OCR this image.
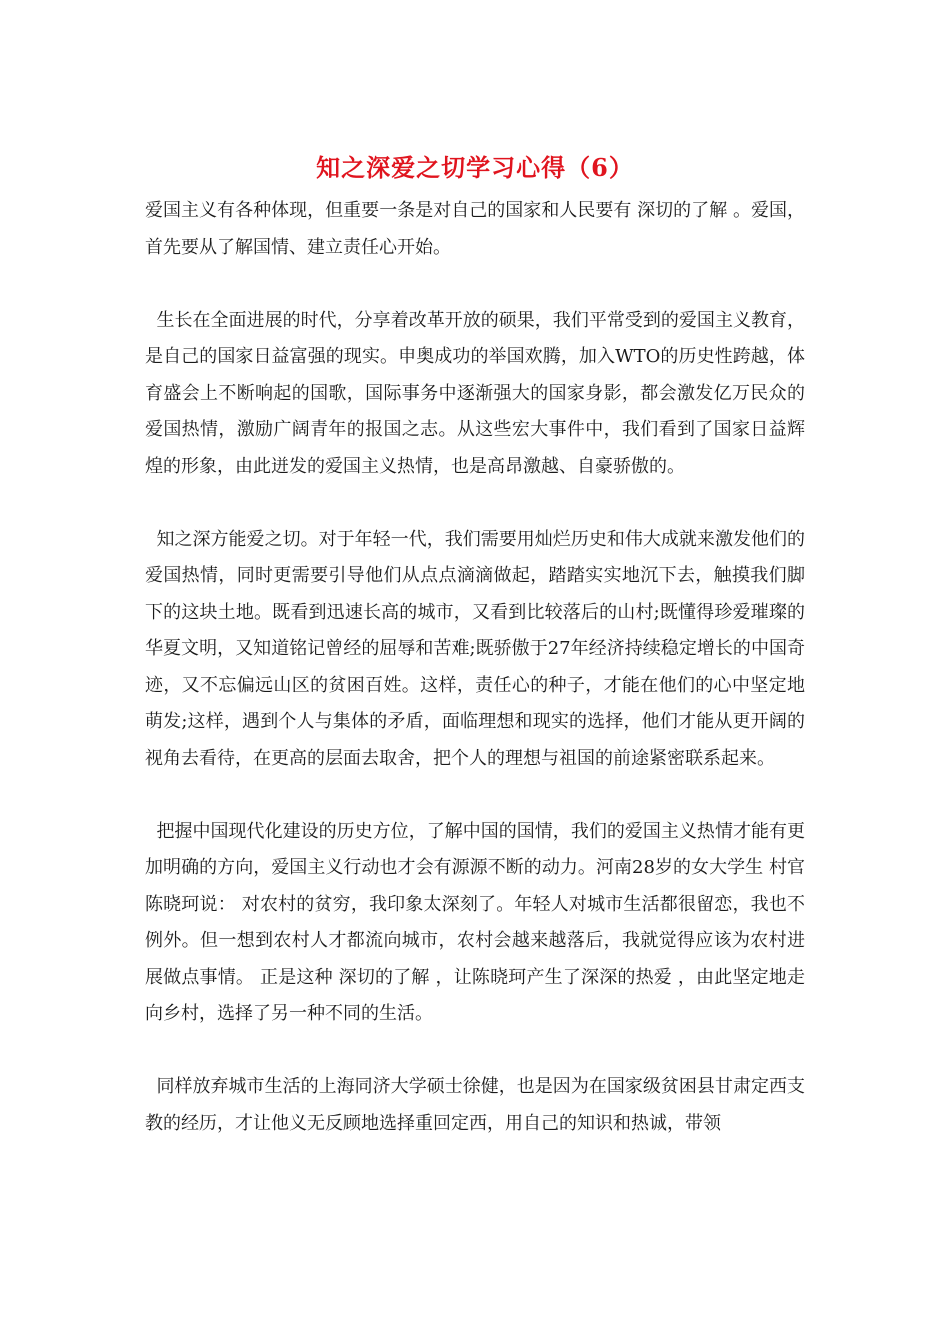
知之深爱之切学习心得（6）

爱国主义有各种体现，但重要一条是对自己的国家和人民要有 深切的了解 。爱国，首先要从了解国情、建立责任心开始。

生长在全面进展的时代，分享着改革开放的硕果，我们平常受到的爱国主义教育，是自己的国家日益富强的现实。申奥成功的举国欢腾，加入WTO的历史性跨越，体育盛会上不断响起的国歌，国际事务中逐渐强大的国家身影，都会激发亿万民众的爱国热情，激励广阔青年的报国之志。从这些宏大事件中，我们看到了国家日益辉煌的形象，由此迸发的爱国主义热情，也是高昂激越、自豪骄傲的。

知之深方能爱之切。对于年轻一代，我们需要用灿烂历史和伟大成就来激发他们的爱国热情，同时更需要引导他们从点点滴滴做起，踏踏实实地沉下去，触摸我们脚下的这块土地。既看到迅速长高的城市，又看到比较落后的山村;既懂得珍爱璀璨的华夏文明，又知道铭记曾经的屈辱和苦难;既骄傲于27年经济持续稳定增长的中国奇迹，又不忘偏远山区的贫困百姓。这样，责任心的种子，才能在他们的心中坚定地萌发;这样，遇到个人与集体的矛盾，面临理想和现实的选择，他们才能从更开阔的视角去看待，在更高的层面去取舍，把个人的理想与祖国的前途紧密联系起来。

把握中国现代化建设的历史方位，了解中国的国情，我们的爱国主义热情才能有更加明确的方向，爱国主义行动也才会有源源不断的动力。河南28岁的女大学生 村官 陈晓珂说： 对农村的贫穷，我印象太深刻了。年轻人对城市生活都很留恋，我也不例外。但一想到农村人才都流向城市，农村会越来越落后，我就觉得应该为农村进展做点事情。 正是这种 深切的了解 ，让陈晓珂产生了深深的热爱 ，由此坚定地走向乡村，选择了另一种不同的生活。

同样放弃城市生活的上海同济大学硕士徐健，也是因为在国家级贫困县甘肃定西支教的经历，才让他义无反顾地选择重回定西，用自己的知识和热诚，带领
